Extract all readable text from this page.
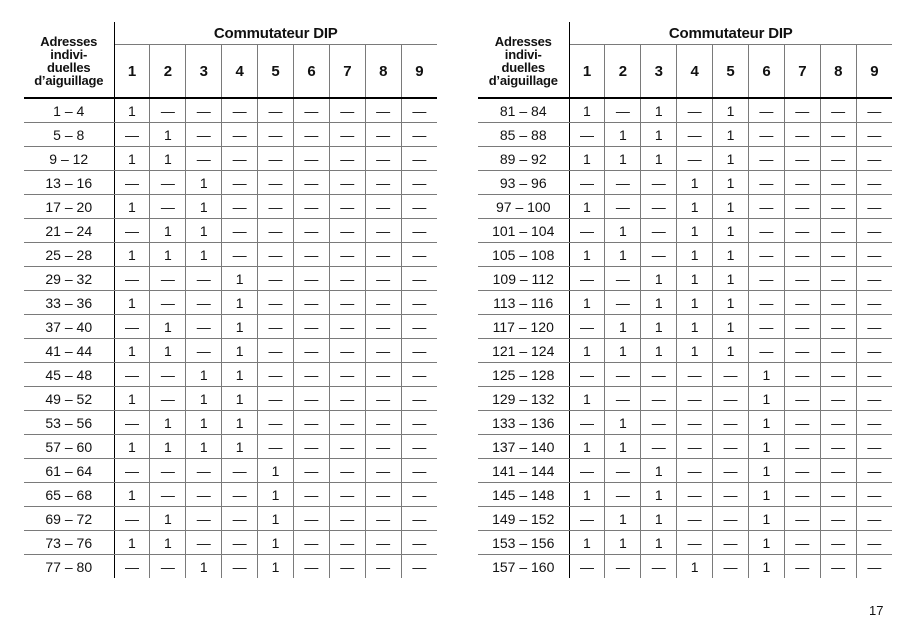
Adresses
indivi-
duelles
d’aiguillage	Commutateur DIP								
	1	2	3	4	5	6	7	8	9
1 – 4	1	—	—	—	—	—	—	—	—
5 – 8	—	1	—	—	—	—	—	—	—
9 – 12	1	1	—	—	—	—	—	—	—
13 – 16	—	—	1	—	—	—	—	—	—
17 – 20	1	—	1	—	—	—	—	—	—
21 – 24	—	1	1	—	—	—	—	—	—
25 – 28	1	1	1	—	—	—	—	—	—
29 – 32	—	—	—	1	—	—	—	—	—
33 – 36	1	—	—	1	—	—	—	—	—
37 – 40	—	1	—	1	—	—	—	—	—
41 – 44	1	1	—	1	—	—	—	—	—
45 – 48	—	—	1	1	—	—	—	—	—
49 – 52	1	—	1	1	—	—	—	—	—
53 – 56	—	1	1	1	—	—	—	—	—
57 – 60	1	1	1	1	—	—	—	—	—
61 – 64	—	—	—	—	1	—	—	—	—
65 – 68	1	—	—	—	1	—	—	—	—
69 – 72	—	1	—	—	1	—	—	—	—
73 – 76	1	1	—	—	1	—	—	—	—
77 – 80	—	—	1	—	1	—	—	—	—
Adresses
indivi-
duelles
d’aiguillage	Commutateur DIP								
	1	2	3	4	5	6	7	8	9
81 – 84	1	—	1	—	1	—	—	—	—
85 – 88	—	1	1	—	1	—	—	—	—
89 – 92	1	1	1	—	1	—	—	—	—
93 – 96	—	—	—	1	1	—	—	—	—
97 – 100	1	—	—	1	1	—	—	—	—
101 – 104	—	1	—	1	1	—	—	—	—
105 – 108	1	1	—	1	1	—	—	—	—
109 – 112	—	—	1	1	1	—	—	—	—
113 – 116	1	—	1	1	1	—	—	—	—
117 – 120	—	1	1	1	1	—	—	—	—
121 – 124	1	1	1	1	1	—	—	—	—
125 – 128	—	—	—	—	—	1	—	—	—
129 – 132	1	—	—	—	—	1	—	—	—
133 – 136	—	1	—	—	—	1	—	—	—
137 – 140	1	1	—	—	—	1	—	—	—
141 – 144	—	—	1	—	—	1	—	—	—
145 – 148	1	—	1	—	—	1	—	—	—
149 – 152	—	1	1	—	—	1	—	—	—
153 – 156	1	1	1	—	—	1	—	—	—
157 – 160	—	—	—	1	—	1	—	—	—
17
